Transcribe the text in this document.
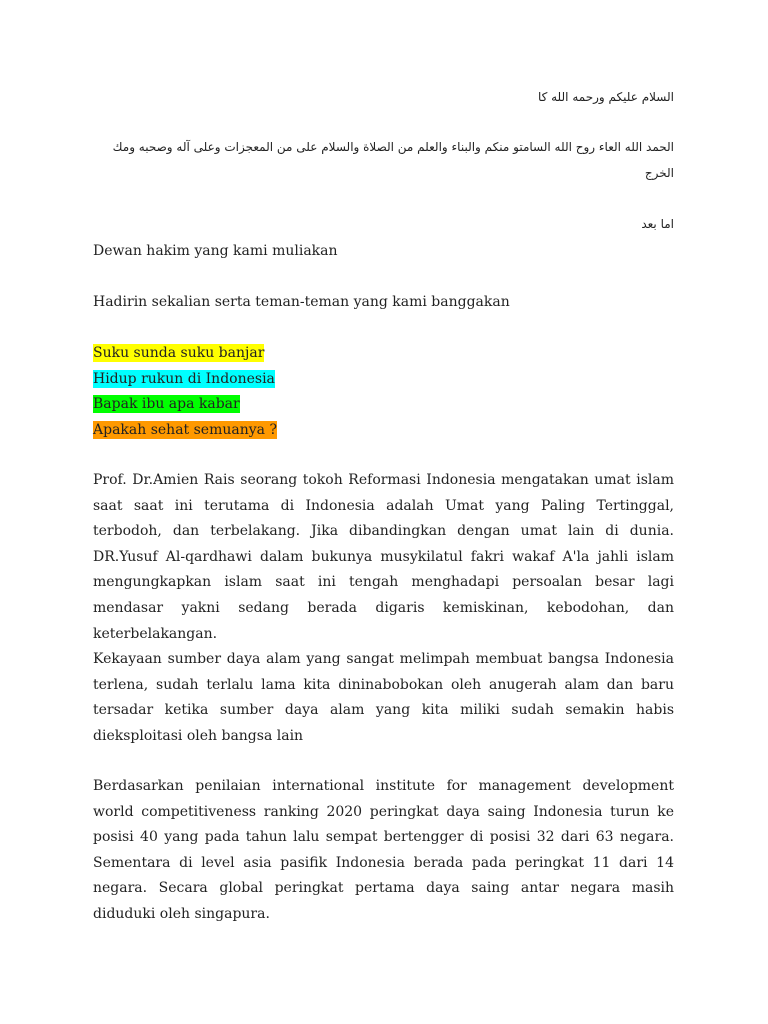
السلام عليكم ورحمه الله كا
الحمد الله العاء روح الله السامتو منكم والبناء والعلم من الصلاة والسلام على من المعجزات وعلى آله وصحبه ومك الخرج
اما بعد
Dewan hakim yang kami muliakan
Hadirin sekalian serta teman-teman yang kami banggakan
Suku sunda suku banjar
Hidup rukun di Indonesia
Bapak ibu apa kabar
Apakah sehat semuanya ?
Prof. Dr.Amien Rais seorang tokoh Reformasi Indonesia mengatakan umat islam saat saat ini terutama di Indonesia adalah Umat yang Paling Tertinggal, terbodoh, dan terbelakang. Jika dibandingkan dengan umat lain di dunia. DR.Yusuf Al-qardhawi dalam bukunya musykilatul fakri wakaf A'la jahli islam mengungkapkan islam saat ini tengah menghadapi persoalan besar lagi mendasar yakni sedang berada digaris kemiskinan, kebodohan, dan keterbelakangan.
Kekayaan sumber daya alam yang sangat melimpah membuat bangsa Indonesia terlena, sudah terlalu lama kita dininabobokan oleh anugerah alam dan baru tersadar ketika sumber daya alam yang kita miliki sudah semakin habis dieksploitasi oleh bangsa lain
Berdasarkan penilaian international institute for management development world competitiveness ranking 2020 peringkat daya saing Indonesia turun ke posisi 40 yang pada tahun lalu sempat bertengger di posisi 32 dari 63 negara. Sementara di level asia pasifik Indonesia berada pada peringkat 11 dari 14 negara. Secara global peringkat pertama daya saing antar negara masih diduduki oleh singapura.
